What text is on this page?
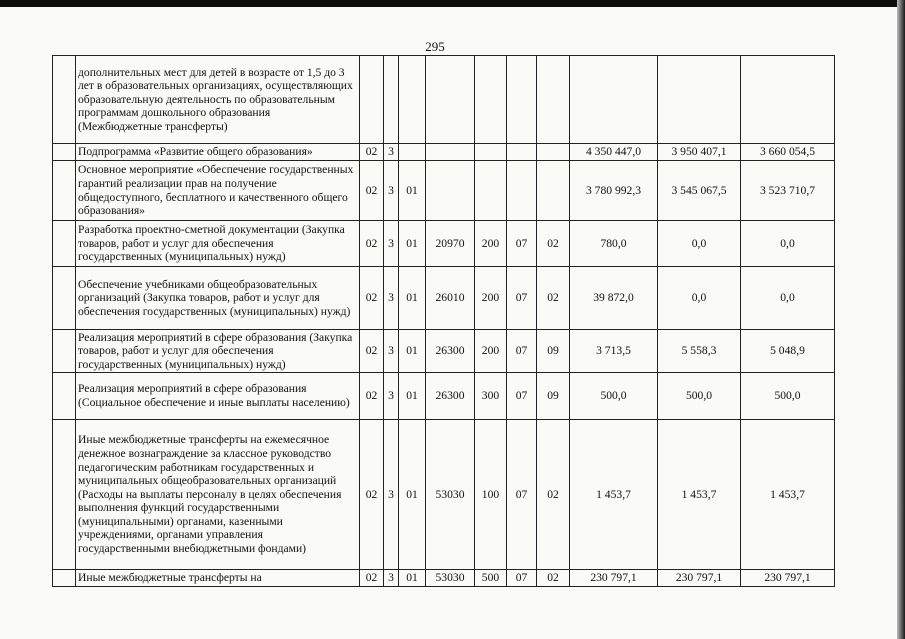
295
	дополнительных мест для детей в возрасте от 1,5 до 3 лет в образовательных организациях, осуществляющих образовательную деятельность по образовательным программам дошкольного образования (Межбюджетные трансферты)										
	Подпрограмма «Развитие общего образования»	02	3						4 350 447,0	3 950 407,1	3 660 054,5
	Основное мероприятие «Обеспечение государственных гарантий реализации прав на получение общедоступного, бесплатного и качественного общего образования»	02	3	01					3 780 992,3	3 545 067,5	3 523 710,7
	Разработка проектно-сметной документации (Закупка товаров, работ и услуг для обеспечения государственных (муниципальных) нужд)	02	3	01	20970	200	07	02	780,0	0,0	0,0
	Обеспечение учебниками общеобразовательных организаций (Закупка товаров, работ и услуг для обеспечения государственных (муниципальных) нужд)	02	3	01	26010	200	07	02	39 872,0	0,0	0,0
	Реализация мероприятий в сфере образования (Закупка товаров, работ и услуг для обеспечения государственных (муниципальных) нужд)	02	3	01	26300	200	07	09	3 713,5	5 558,3	5 048,9
	Реализация мероприятий в сфере образования (Социальное обеспечение и иные выплаты населению)	02	3	01	26300	300	07	09	500,0	500,0	500,0
	Иные межбюджетные трансферты на ежемесячное денежное вознаграждение за классное руководство педагогическим работникам государственных и муниципальных общеобразовательных организаций (Расходы на выплаты персоналу в целях обеспечения выполнения функций государственными (муниципальными) органами, казенными учреждениями, органами управления государственными внебюджетными фондами)	02	3	01	53030	100	07	02	1 453,7	1 453,7	1 453,7
	Иные межбюджетные трансферты на	02	3	01	53030	500	07	02	230 797,1	230 797,1	230 797,1
